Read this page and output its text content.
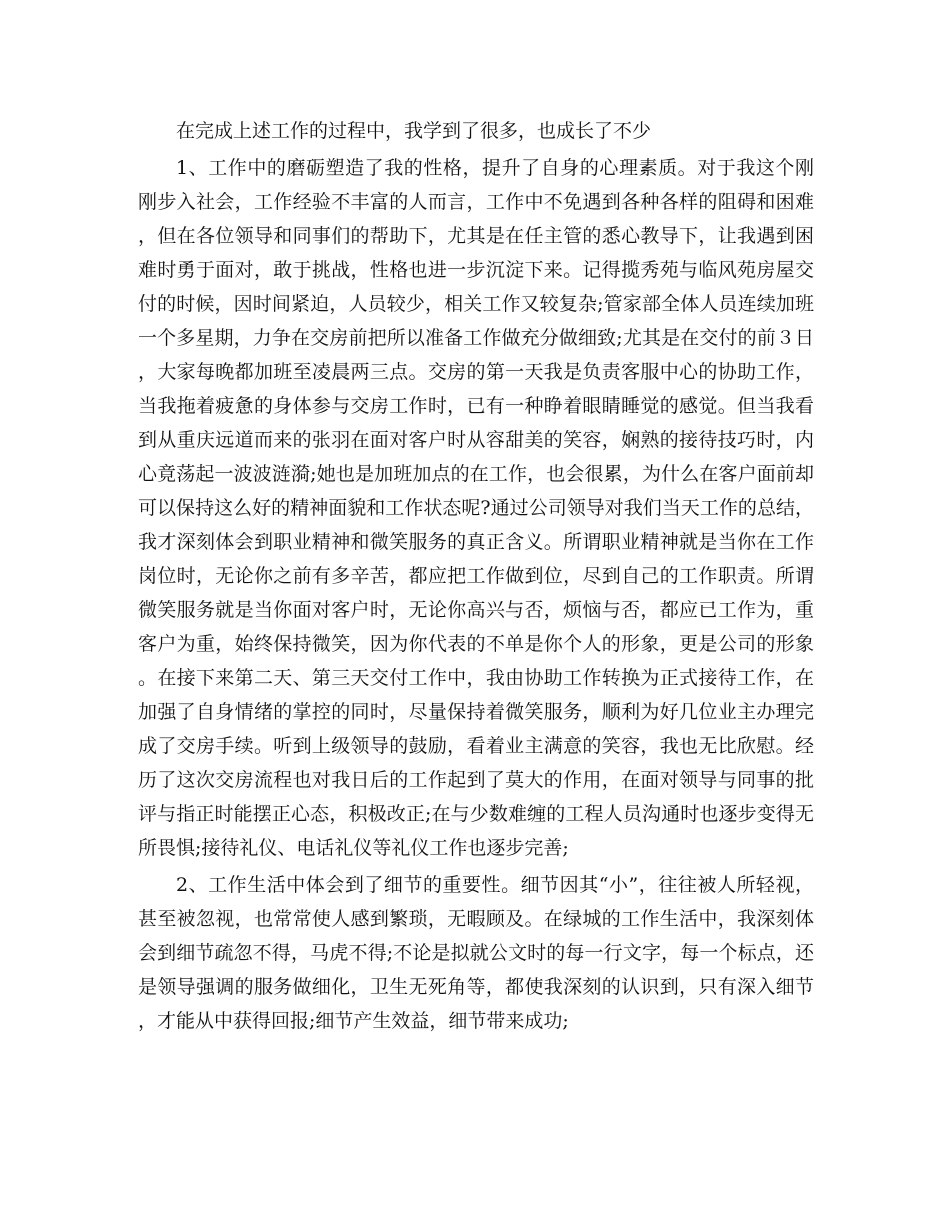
在完成上述工作的过程中，我学到了很多，也成长了不少

1、工作中的磨砺塑造了我的性格，提升了自身的心理素质。对于我这个刚刚步入社会，工作经验不丰富的人而言，工作中不免遇到各种各样的阻碍和困难，但在各位领导和同事们的帮助下，尤其是在任主管的悉心教导下，让我遇到困难时勇于面对，敢于挑战，性格也进一步沉淀下来。记得揽秀苑与临风苑房屋交付的时候，因时间紧迫，人员较少，相关工作又较复杂;管家部全体人员连续加班一个多星期，力争在交房前把所以准备工作做充分做细致;尤其是在交付的前３日，大家每晚都加班至凌晨两三点。交房的第一天我是负责客服中心的协助工作，当我拖着疲惫的身体参与交房工作时，已有一种睁着眼睛睡觉的感觉。但当我看到从重庆远道而来的张羽在面对客户时从容甜美的笑容，娴熟的接待技巧时，内心竟荡起一波波涟漪;她也是加班加点的在工作，也会很累，为什么在客户面前却可以保持这么好的精神面貌和工作状态呢?通过公司领导对我们当天工作的总结，我才深刻体会到职业精神和微笑服务的真正含义。所谓职业精神就是当你在工作岗位时，无论你之前有多辛苦，都应把工作做到位，尽到自己的工作职责。所谓微笑服务就是当你面对客户时，无论你高兴与否，烦恼与否，都应已工作为，重客户为重，始终保持微笑，因为你代表的不单是你个人的形象，更是公司的形象。在接下来第二天、第三天交付工作中，我由协助工作转换为正式接待工作，在加强了自身情绪的掌控的同时，尽量保持着微笑服务，顺利为好几位业主办理完成了交房手续。听到上级领导的鼓励，看着业主满意的笑容，我也无比欣慰。经历了这次交房流程也对我日后的工作起到了莫大的作用，在面对领导与同事的批评与指正时能摆正心态，积极改正;在与少数难缠的工程人员沟通时也逐步变得无所畏惧;接待礼仪、电话礼仪等礼仪工作也逐步完善;

2、工作生活中体会到了细节的重要性。细节因其“小”，往往被人所轻视，甚至被忽视，也常常使人感到繁琐，无暇顾及。在绿城的工作生活中，我深刻体会到细节疏忽不得，马虎不得;不论是拟就公文时的每一行文字，每一个标点，还是领导强调的服务做细化，卫生无死角等，都使我深刻的认识到，只有深入细节，才能从中获得回报;细节产生效益，细节带来成功;
